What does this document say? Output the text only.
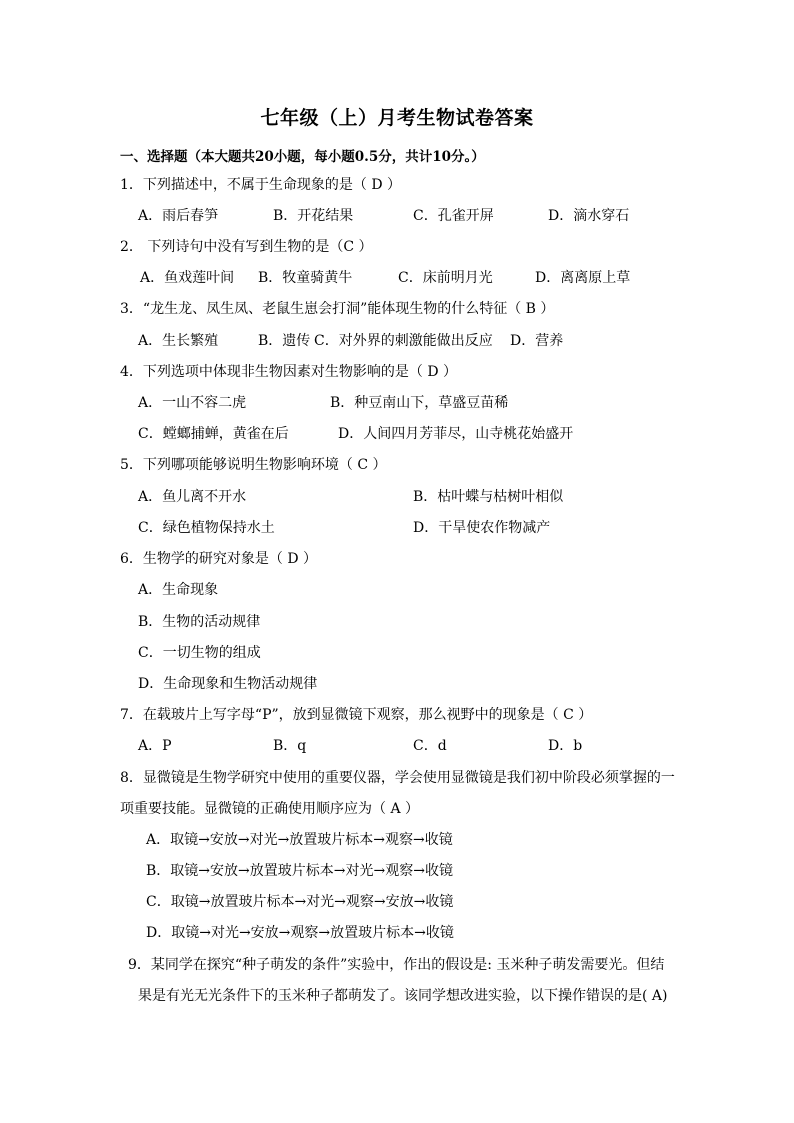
七年级（上）月考生物试卷答案
一、选择题（本大题共20小题，每小题0.5分，共计10分。）
1．下列描述中，不属于生命现象的是（ D ）
A．雨后春笋	B．开花结果	C．孔雀开屏	D．滴水穿石
2． 下列诗句中没有写到生物的是（C ）
A．鱼戏莲叶间 B．牧童骑黄牛	C．床前明月光	D．离离原上草
3．“龙生龙、凤生凤、老鼠生崽会打洞”能体现生物的什么特征（ B ）
A．生长繁殖	B．遗传 C．对外界的刺激能做出反应 D．营养
4．下列选项中体现非生物因素对生物影响的是（ D ）
A．一山不容二虎	B．种豆南山下，草盛豆苗稀
C．螳螂捕蝉，黄雀在后	D．人间四月芳菲尽，山寺桃花始盛开
5．下列哪项能够说明生物影响环境（ C ）
A．鱼儿离不开水	B．枯叶蝶与枯树叶相似
C．绿色植物保持水土	D．干旱使农作物减产
6．生物学的研究对象是（ D ）
A．生命现象
B．生物的活动规律
C．一切生物的组成
D．生命现象和生物活动规律
7．在载玻片上写字母“P”，放到显微镜下观察，那么视野中的现象是（ C ）
A．P	B．q	C．d	D．b
8．显微镜是生物学研究中使用的重要仪器，学会使用显微镜是我们初中阶段必须掌握的一
项重要技能。显微镜的正确使用顺序应为（ A ）
A．取镜→安放→对光→放置玻片标本→观察→收镜
B．取镜→安放→放置玻片标本→对光→观察→收镜
C．取镜→放置玻片标本→对光→观察→安放→收镜
D．取镜→对光→安放→观察→放置玻片标本→收镜
9．某同学在探究“种子萌发的条件”实验中，作出的假设是: 玉米种子萌发需要光。但结
果是有光无光条件下的玉米种子都萌发了。该同学想改进实验，以下操作错误的是( A)
